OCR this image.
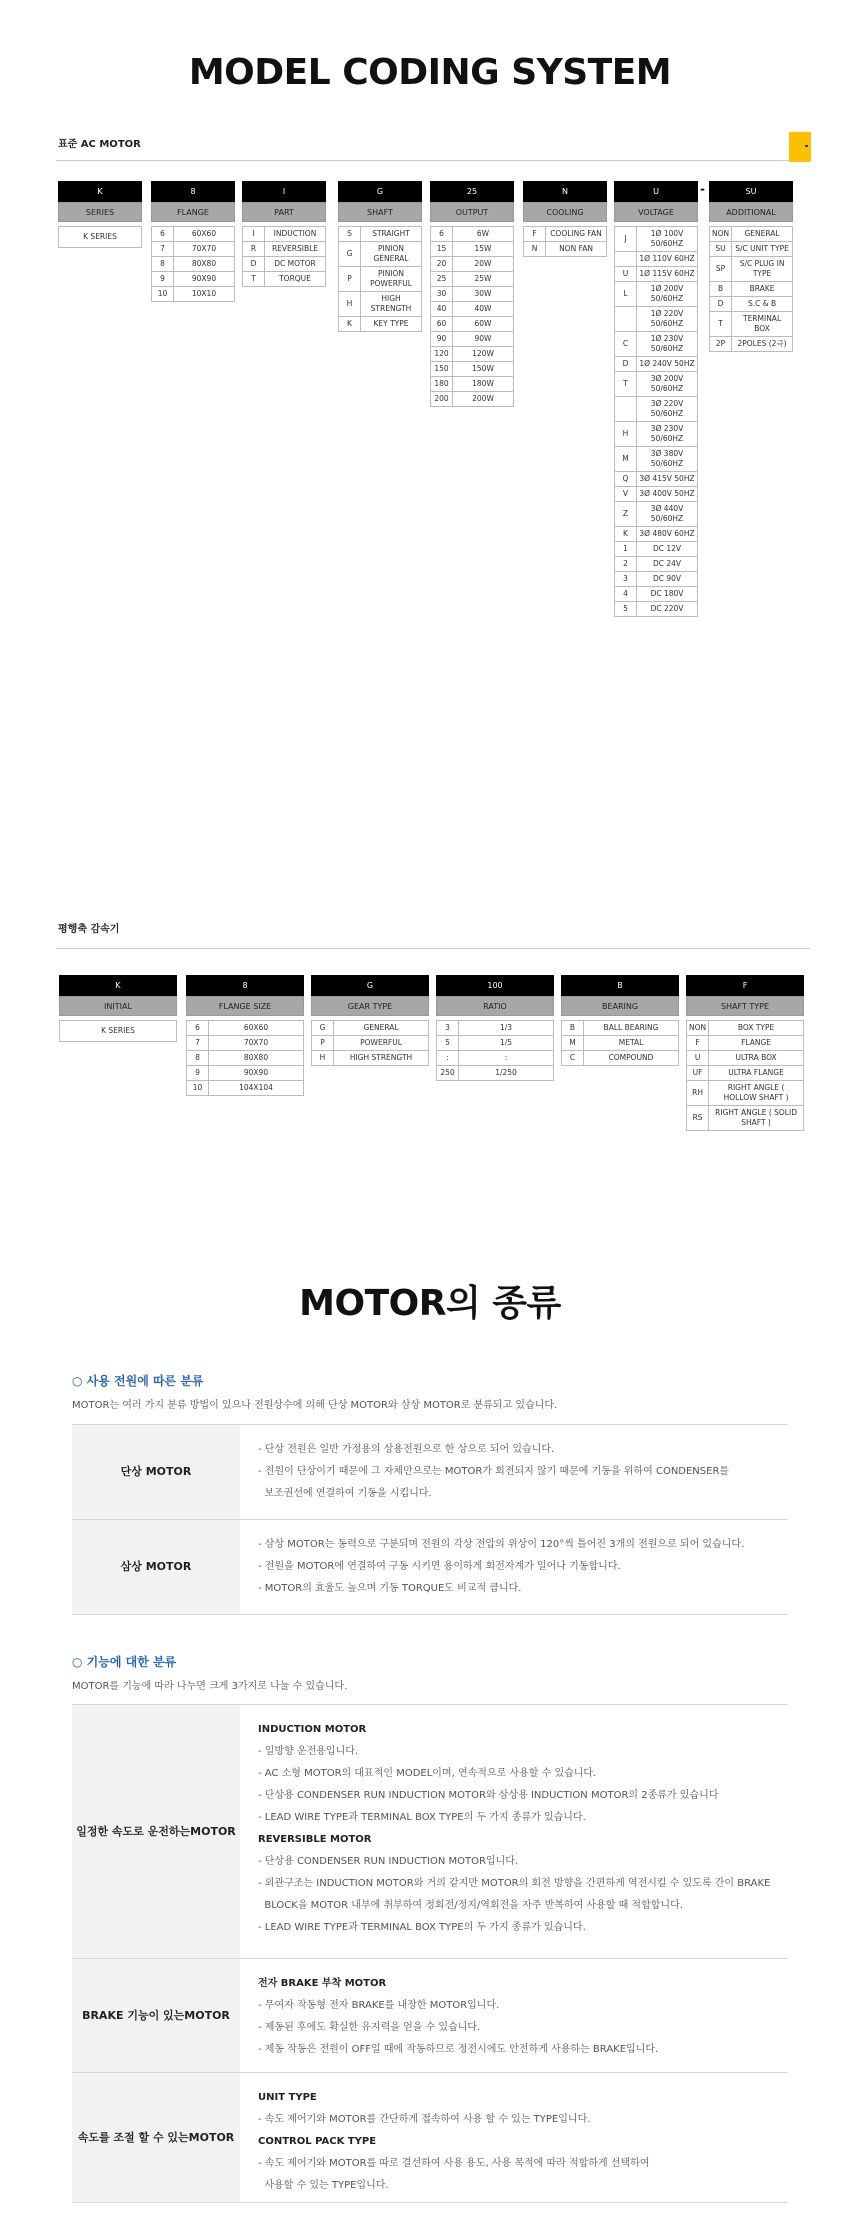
MODEL CODING SYSTEM
표준 AC MOTOR
K
SERIES
K SERIES
8
FLANGE
6	60X60
7	70X70
8	80X80
9	90X90
10	10X10
I
PART
I	INDUCTION
R	REVERSIBLE
D	DC MOTOR
T	TORQUE
G
SHAFT
S	STRAIGHT
G	PINION GENERAL
P	PINION POWERFUL
H	HIGH STRENGTH
K	KEY TYPE
25
OUTPUT
6	6W
15	15W
20	20W
25	25W
30	30W
40	40W
60	60W
90	90W
120	120W
150	150W
180	180W
200	200W
N
COOLING
F	COOLING FAN
N	NON FAN
U
VOLTAGE
J	1Ø 100V 50/60HZ
	1Ø 110V 60HZ
U	1Ø 115V 60HZ
L	1Ø 200V 50/60HZ
	1Ø 220V 50/60HZ
C	1Ø 230V 50/60HZ
D	1Ø 240V 50HZ
T	3Ø 200V 50/60HZ
	3Ø 220V 50/60HZ
H	3Ø 230V 50/60HZ
M	3Ø 380V 50/60HZ
Q	3Ø 415V 50HZ
V	3Ø 400V 50HZ
Z	3Ø 440V 50/60HZ
K	3Ø 480V 60HZ
1	DC 12V
2	DC 24V
3	DC 90V
4	DC 180V
5	DC 220V
SU
ADDITIONAL
NON	GENERAL
SU	S/C UNIT TYPE
SP	S/C PLUG IN TYPE
B	BRAKE
D	S.C & B
T	TERMINAL BOX
2P	2POLES (2극)
-
평행축 감속기
K
INITIAL
K SERIES
8
FLANGE SIZE
6	60X60
7	70X70
8	80X80
9	90X90
10	104X104
G
GEAR TYPE
G	GENERAL
P	POWERFUL
H	HIGH STRENGTH
100
RATIO
3	1/3
5	1/5
:	:
250	1/250
B
BEARING
B	BALL BEARING
M	METAL
C	COMPOUND
F
SHAFT TYPE
NON	BOX TYPE
F	FLANGE
U	ULTRA BOX
UF	ULTRA FLANGE
RH	RIGHT ANGLE ( HOLLOW SHAFT )
RS	RIGHT ANGLE ( SOLID SHAFT )
MOTOR의 종류
○ 사용 전원에 따른 분류
MOTOR는 여러 가지 분류 방법이 있으나 전원상수에 의해 단상 MOTOR와 삼상 MOTOR로 분류되고 있습니다.
단상 MOTOR

- 단상 전원은 일반 가정용의 상용전원으로 한 상으로 되어 있습니다.

- 전원이 단상이기 때문에 그 자체만으로는 MOTOR가 회전되지 않기 때문에 기동을 위하여 CONDENSER를

보조권선에 연결하여 기동을 시킵니다.

삼상 MOTOR

- 삼상 MOTOR는 동력으로 구분되며 전원의 각상 전압의 위상이 120°씩 틀어진 3개의 전원으로 되어 있습니다.

- 전원을 MOTOR에 연결하여 구동 시키면 용이하게 회전자계가 일어나 기동합니다.

- MOTOR의 효율도 높으며 기동 TORQUE도 비교적 큽니다.

○ 기능에 대한 분류
MOTOR를 기능에 따라 나누면 크게 3가지로 나눌 수 있습니다.
일정한 속도로 운전하는 MOTOR

INDUCTION MOTOR

- 일방향 운전용입니다.

- AC 소형 MOTOR의 대표적인 MODEL이며, 연속적으로 사용할 수 있습니다.

- 단상용 CONDENSER RUN INDUCTION MOTOR와 삼상용 INDUCTION MOTOR의 2종류가 있습니다

- LEAD WIRE TYPE과 TERMINAL BOX TYPE의 두 가지 종류가 있습니다.

REVERSIBLE MOTOR

- 단상용 CONDENSER RUN INDUCTION MOTOR입니다.

- 외관구조는 INDUCTION MOTOR와 거의 같지만 MOTOR의 회전 방향을 간편하게 역전시킬 수 있도록 간이 BRAKE

BLOCK을 MOTOR 내부에 취부하여 정회전/정지/역회전을 자주 반복하여 사용할 때 적합합니다.

- LEAD WIRE TYPE과 TERMINAL BOX TYPE의 두 가지 종류가 있습니다.

BRAKE 기능이 있는 MOTOR

전자 BRAKE 부착 MOTOR

- 무여자 작동형 전자 BRAKE를 내장한 MOTOR입니다.

- 제동된 후에도 확실한 유지력을 얻을 수 있습니다.

- 제동 작동은 전원이 OFF일 때에 작동하므로 정전시에도 안전하게 사용하는 BRAKE입니다.

속도를 조절 할 수 있는 MOTOR

UNIT TYPE

- 속도 제어기와 MOTOR를 간단하게 접속하여 사용 할 수 있는 TYPE입니다.

CONTROL PACK TYPE

- 속도 제어기와 MOTOR를 따로 결선하여 사용 용도, 사용 목적에 따라 적합하게 선택하여

사용할 수 있는 TYPE입니다.
